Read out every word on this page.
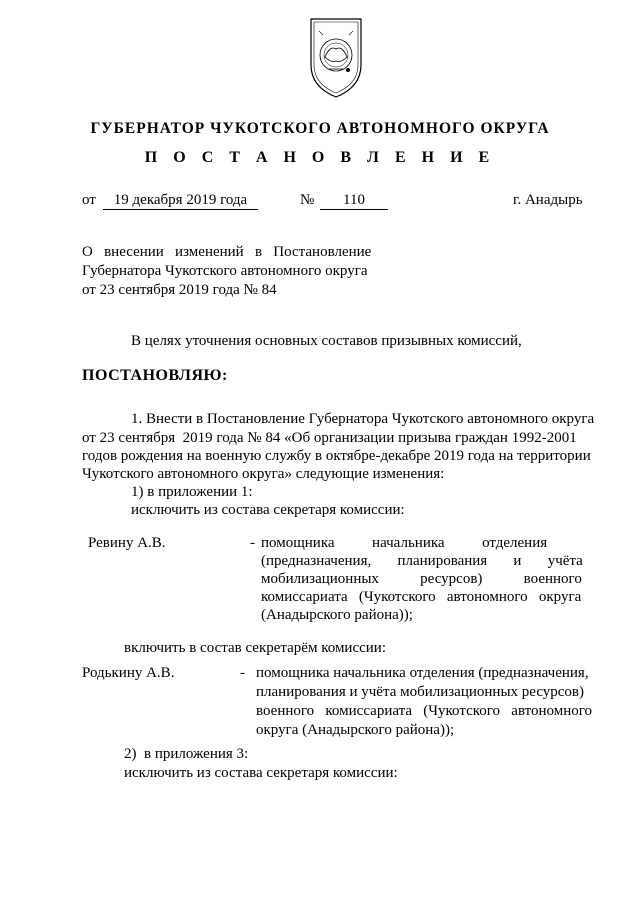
ГУБЕРНАТОР ЧУКОТСКОГО АВТОНОМНОГО ОКРУГА
П О С Т А Н О В Л Е Н И Е
от	19 декабря 2019 года	№	110	г. Анадырь
О   внесении   изменений   в   Постановление
Губернатора Чукотского автономного округа
от 23 сентября 2019 года № 84
В целях уточнения основных составов призывных комиссий,
ПОСТАНОВЛЯЮ:
1. Внести в Постановление Губернатора Чукотского автономного округа
от 23 сентября  2019 года № 84 «Об организации призыва граждан 1992-2001
годов рождения на военную службу в октябре-декабре 2019 года на территории
Чукотского автономного округа» следующие изменения:
1) в приложении 1:
исключить из состава секретаря комиссии:
Ревину А.В.	- помощника          начальника          отделения
(предназначения,       планирования       и       учёта
мобилизационных           ресурсов)           военного
комиссариата   (Чукотского   автономного   округа
(Анадырского района));
включить в состав секретарём комиссии:
Родькину А.В.	- помощника начальника отделения (предназначения,
планирования и учёта мобилизационных ресурсов)
военного   комиссариата   (Чукотского   автономного
округа (Анадырского района));
2)  в приложения 3:
исключить из состава секретаря комиссии:
